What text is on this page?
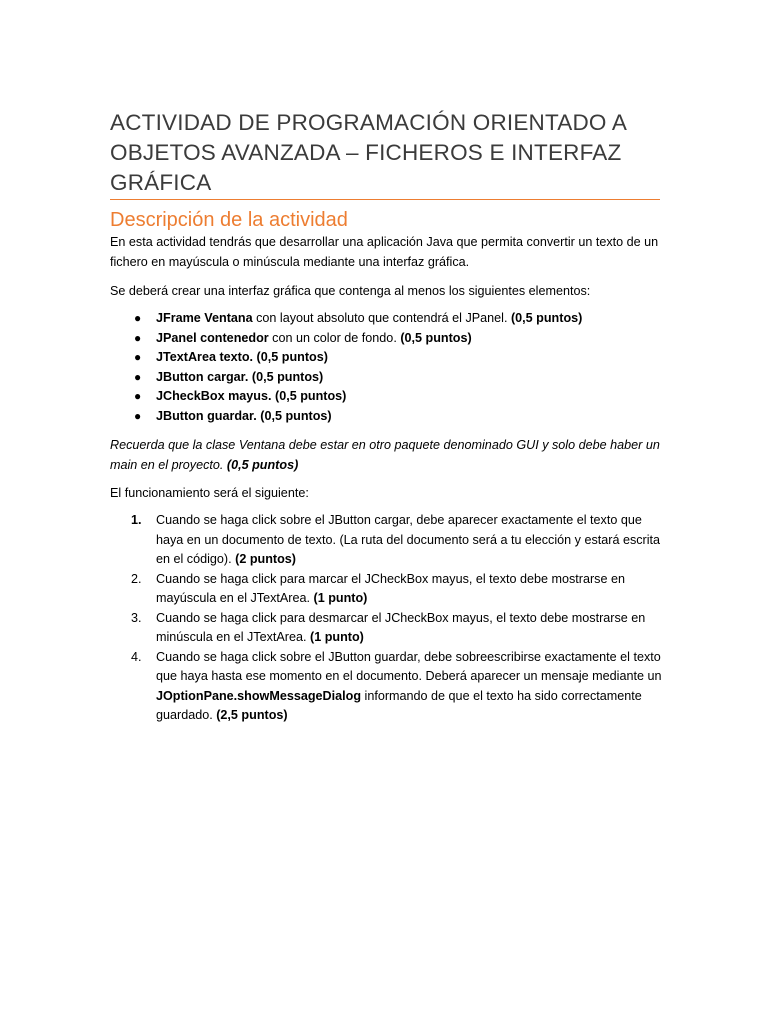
ACTIVIDAD DE PROGRAMACIÓN ORIENTADO A OBJETOS AVANZADA – FICHEROS E INTERFAZ GRÁFICA
Descripción de la actividad

En esta actividad tendrás que desarrollar una aplicación Java que permita convertir un texto de un fichero en mayúscula o minúscula mediante una interfaz gráfica.

Se deberá crear una interfaz gráfica que contenga al menos los siguientes elementos:

● JFrame Ventana con layout absoluto que contendrá el JPanel. (0,5 puntos)
● JPanel contenedor con un color de fondo. (0,5 puntos)
● JTextArea texto. (0,5 puntos)
● JButton cargar. (0,5 puntos)
● JCheckBox mayus. (0,5 puntos)
● JButton guardar. (0,5 puntos)

Recuerda que la clase Ventana debe estar en otro paquete denominado GUI y solo debe haber un main en el proyecto. (0,5 puntos)

El funcionamiento será el siguiente:

1. Cuando se haga click sobre el JButton cargar, debe aparecer exactamente el texto que haya en un documento de texto. (La ruta del documento será a tu elección y estará escrita en el código). (2 puntos)
2. Cuando se haga click para marcar el JCheckBox mayus, el texto debe mostrarse en mayúscula en el JTextArea. (1 punto)
3. Cuando se haga click para desmarcar el JCheckBox mayus, el texto debe mostrarse en minúscula en el JTextArea. (1 punto)
4. Cuando se haga click sobre el JButton guardar, debe sobreescribirse exactamente el texto que haya hasta ese momento en el documento. Deberá aparecer un mensaje mediante un JOptionPane.showMessageDialog informando de que el texto ha sido correctamente guardado. (2,5 puntos)
